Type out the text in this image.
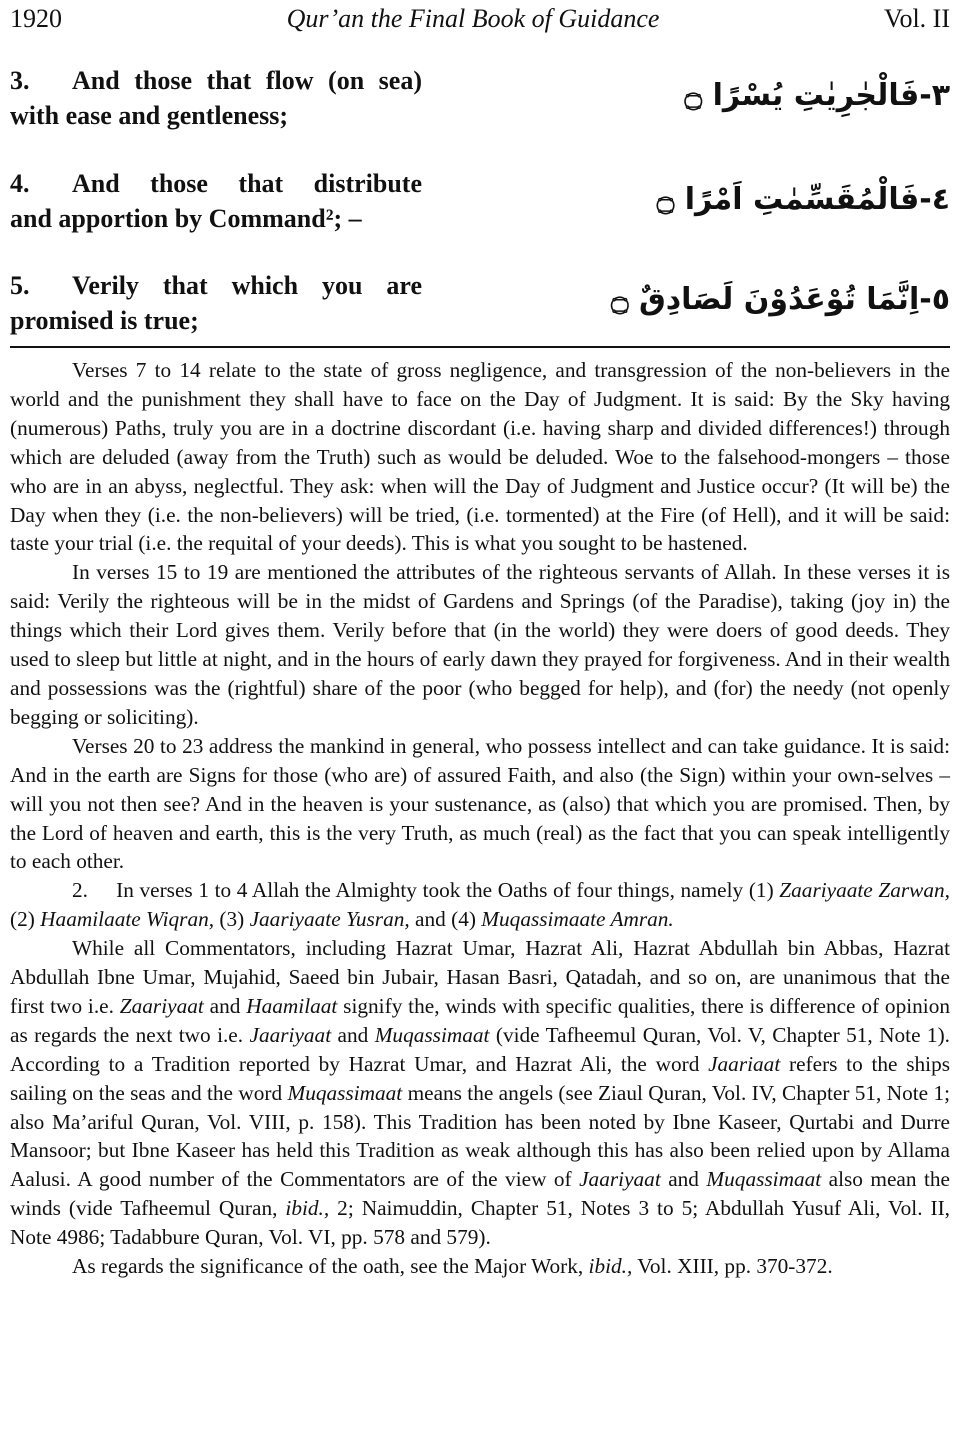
1920	Qur’an the Final Book of Guidance	Vol. II
3. And those that flow (on sea)
with ease and gentleness;
٣-فَالْجٰرِيٰتِ يُسْرًا ۝
4. And those that distribute
and apportion by Command²; –
٤-فَالْمُقَسِّمٰتِ اَمْرًا ۝
5. Verily that which you are
promised is true;
٥-اِنَّمَا تُوْعَدُوْنَ لَصَادِقٌ ۝

Verses 7 to 14 relate to the state of gross negligence, and transgression of the non-believers in the world and the punishment they shall have to face on the Day of Judgment. It is said: By the Sky having (numerous) Paths, truly you are in a doctrine discordant (i.e. having sharp and divided differences!) through which are deluded (away from the Truth) such as would be deluded. Woe to the falsehood-mongers – those who are in an abyss, neglectful. They ask: when will the Day of Judgment and Justice occur? (It will be) the Day when they (i.e. the non-believers) will be tried, (i.e. tormented) at the Fire (of Hell), and it will be said: taste your trial (i.e. the requital of your deeds). This is what you sought to be hastened.

In verses 15 to 19 are mentioned the attributes of the righteous servants of Allah. In these verses it is said: Verily the righteous will be in the midst of Gardens and Springs (of the Paradise), taking (joy in) the things which their Lord gives them. Verily before that (in the world) they were doers of good deeds. They used to sleep but little at night, and in the hours of early dawn they prayed for forgiveness. And in their wealth and possessions was the (rightful) share of the poor (who begged for help), and (for) the needy (not openly begging or soliciting).

Verses 20 to 23 address the mankind in general, who possess intellect and can take guidance. It is said: And in the earth are Signs for those (who are) of assured Faith, and also (the Sign) within your own-selves – will you not then see? And in the heaven is your sustenance, as (also) that which you are promised. Then, by the Lord of heaven and earth, this is the very Truth, as much (real) as the fact that you can speak intelligently to each other.

2. In verses 1 to 4 Allah the Almighty took the Oaths of four things, namely (1) Zaariyaate Zarwan, (2) Haamilaate Wiqran, (3) Jaariyaate Yusran, and (4) Muqassimaate Amran.

While all Commentators, including Hazrat Umar, Hazrat Ali, Hazrat Abdullah bin Abbas, Hazrat Abdullah Ibne Umar, Mujahid, Saeed bin Jubair, Hasan Basri, Qatadah, and so on, are unanimous that the first two i.e. Zaariyaat and Haamilaat signify the, winds with specific qualities, there is difference of opinion as regards the next two i.e. Jaariyaat and Muqassimaat (vide Tafheemul Quran, Vol. V, Chapter 51, Note 1). According to a Tradition reported by Hazrat Umar, and Hazrat Ali, the word Jaariaat refers to the ships sailing on the seas and the word Muqassimaat means the angels (see Ziaul Quran, Vol. IV, Chapter 51, Note 1; also Ma’ariful Quran, Vol. VIII, p. 158). This Tradition has been noted by Ibne Kaseer, Qurtabi and Durre Mansoor; but Ibne Kaseer has held this Tradition as weak although this has also been relied upon by Allama Aalusi. A good number of the Commentators are of the view of Jaariyaat and Muqassimaat also mean the winds (vide Tafheemul Quran, ibid., 2; Naimuddin, Chapter 51, Notes 3 to 5; Abdullah Yusuf Ali, Vol. II, Note 4986; Tadabbure Quran, Vol. VI, pp. 578 and 579).

As regards the significance of the oath, see the Major Work, ibid., Vol. XIII, pp. 370-372.
